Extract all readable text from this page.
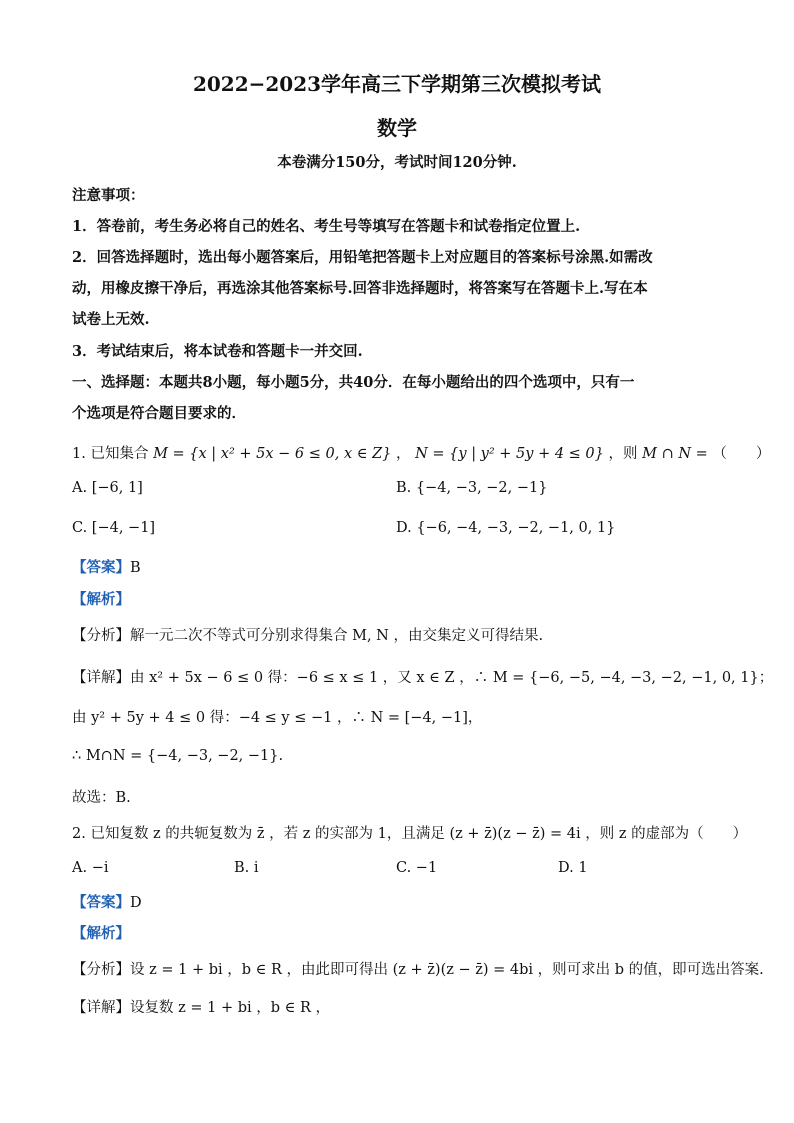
2022−2023学年高三下学期第三次模拟考试
数学
本卷满分150分，考试时间120分钟.
注意事项：
1．答卷前，考生务必将自己的姓名、考生号等填写在答题卡和试卷指定位置上.
2．回答选择题时，选出每小题答案后，用铅笔把答题卡上对应题目的答案标号涂黑.如需改
动，用橡皮擦干净后，再选涂其他答案标号.回答非选择题时，将答案写在答题卡上.写在本
试卷上无效.
3．考试结束后，将本试卷和答题卡一并交回.
一、选择题：本题共8小题，每小题5分，共40分．在每小题给出的四个选项中，只有一
个选项是符合题目要求的．
1. 已知集合 M = {x | x² + 5x − 6 ≤ 0, x ∈ Z} ， N = {y | y² + 5y + 4 ≤ 0} ，则 M ∩ N = （　　）
A. [−6, 1]	B. {−4, −3, −2, −1}
C. [−4, −1]	D. {−6, −4, −3, −2, −1, 0, 1}
【答案】B
【解析】
【分析】解一元二次不等式可分别求得集合 M, N ，由交集定义可得结果.
【详解】由 x² + 5x − 6 ≤ 0 得：−6 ≤ x ≤ 1 ，又 x ∈ Z ，∴ M = {−6, −5, −4, −3, −2, −1, 0, 1}；
由 y² + 5y + 4 ≤ 0 得：−4 ≤ y ≤ −1 ，∴ N = [−4, −1]，
∴ M∩N = {−4, −3, −2, −1}.
故选：B.
2. 已知复数 z 的共轭复数为 z̄ ，若 z 的实部为 1，且满足 (z + z̄)(z − z̄) = 4i ，则 z 的虚部为（　　）
A. −i	B. i	C. −1	D. 1
【答案】D
【解析】
【分析】设 z = 1 + bi ，b ∈ R ，由此即可得出 (z + z̄)(z − z̄) = 4bi ，则可求出 b 的值，即可选出答案.
【详解】设复数 z = 1 + bi ，b ∈ R ，
